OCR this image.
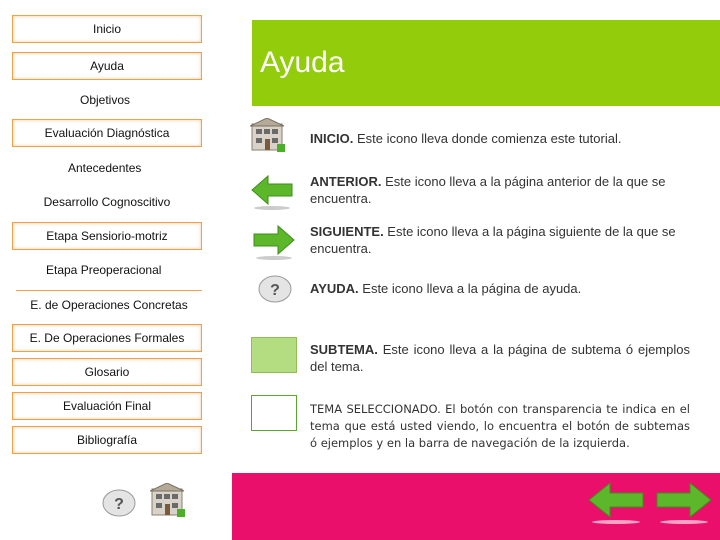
Inicio
Ayuda
Objetivos
Evaluación Diagnóstica
Antecedentes
Desarrollo Cognoscitivo
Etapa Sensiorio-motriz
Etapa Preoperacional
E. de Operaciones Concretas
E. De Operaciones Formales
Glosario
Evaluación Final
Bibliografía
Ayuda
INICIO. Este icono lleva donde comienza este tutorial.
ANTERIOR. Este icono lleva a la página anterior de la que se encuentra.
SIGUIENTE. Este icono lleva a la página siguiente de la que se encuentra.
? AYUDA. Este icono lleva a la página de ayuda.
SUBTEMA. Este icono lleva a la página de subtema ó ejemplos del tema.
TEMA SELECCIONADO. El botón con transparencia te indica en el tema que está usted viendo, lo encuentra el botón de subtemas ó ejemplos y en la barra de navegación de la izquierda.
?
